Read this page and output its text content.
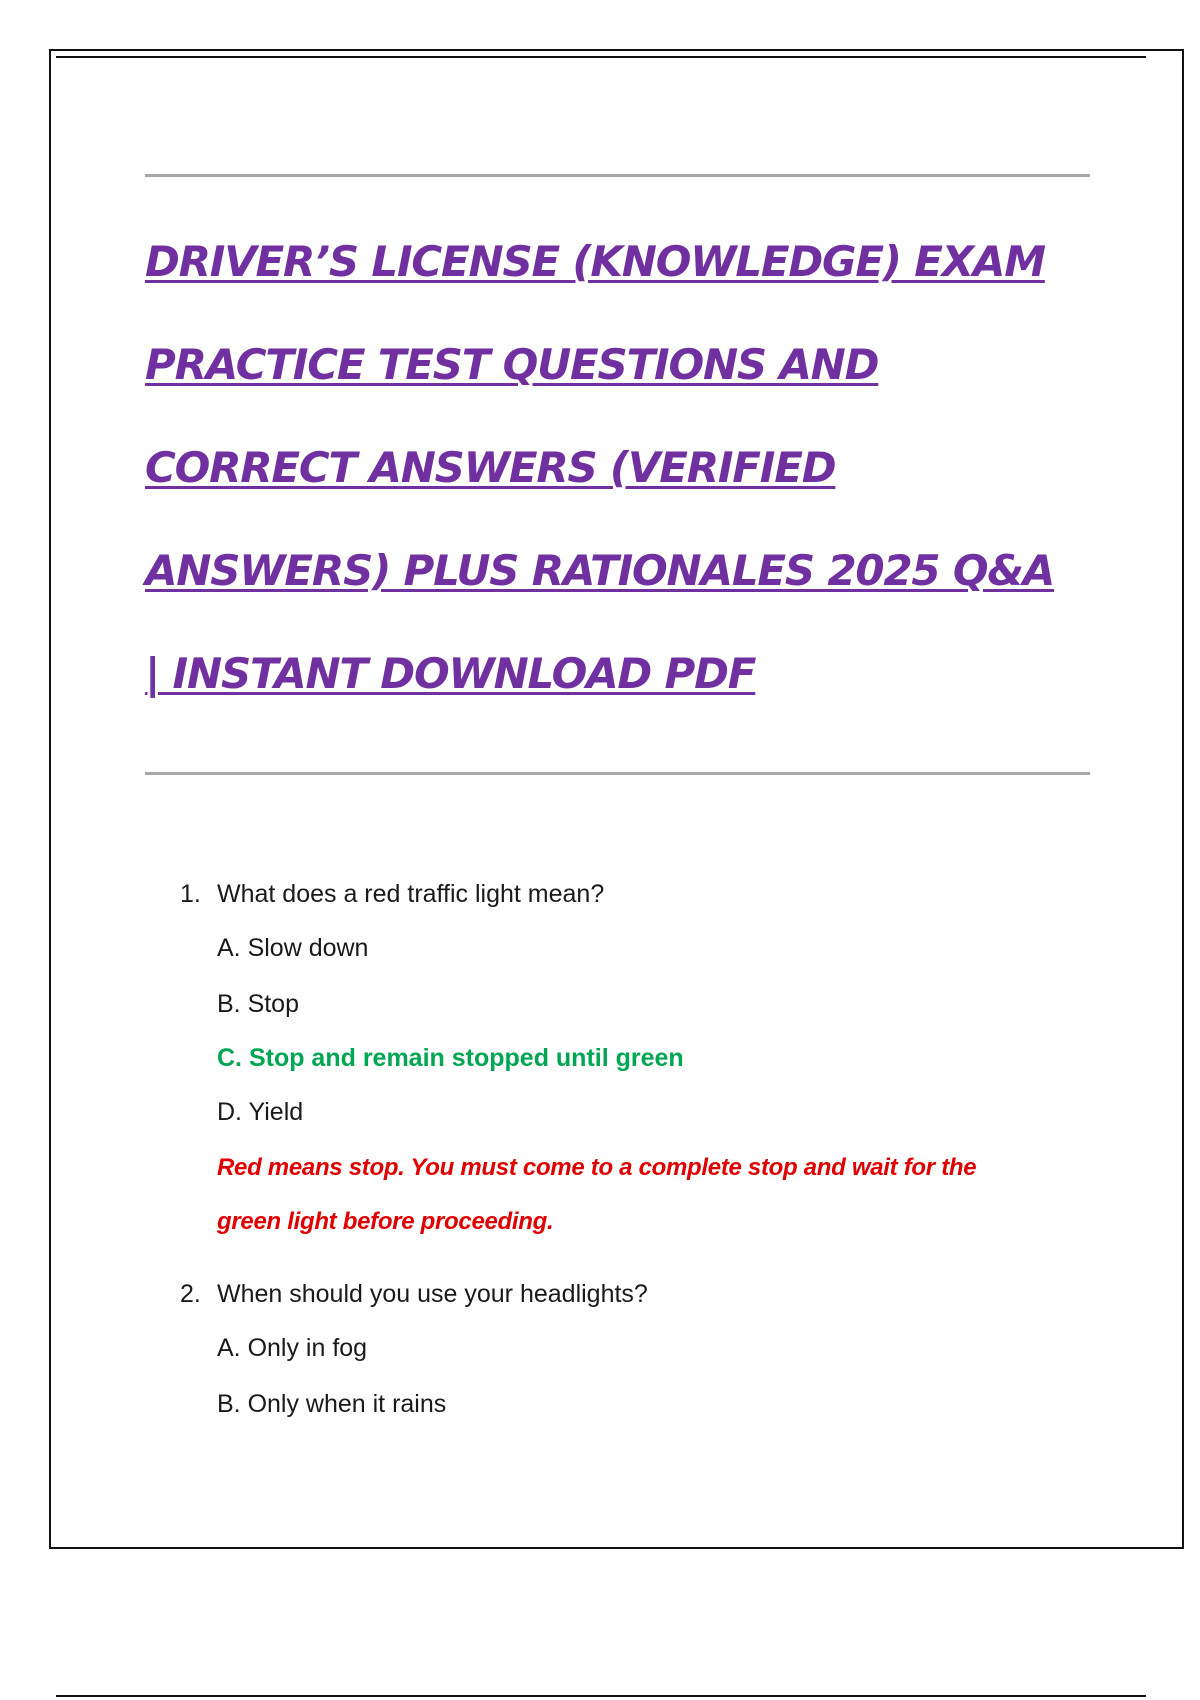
DRIVER’S LICENSE (KNOWLEDGE) EXAM
PRACTICE TEST QUESTIONS AND
CORRECT ANSWERS (VERIFIED
ANSWERS) PLUS RATIONALES 2025 Q&A
| INSTANT DOWNLOAD PDF
1. What does a red traffic light mean?
A. Slow down
B. Stop
C. Stop and remain stopped until green
D. Yield
Red means stop. You must come to a complete stop and wait for the
green light before proceeding.
2. When should you use your headlights?
A. Only in fog
B. Only when it rains
